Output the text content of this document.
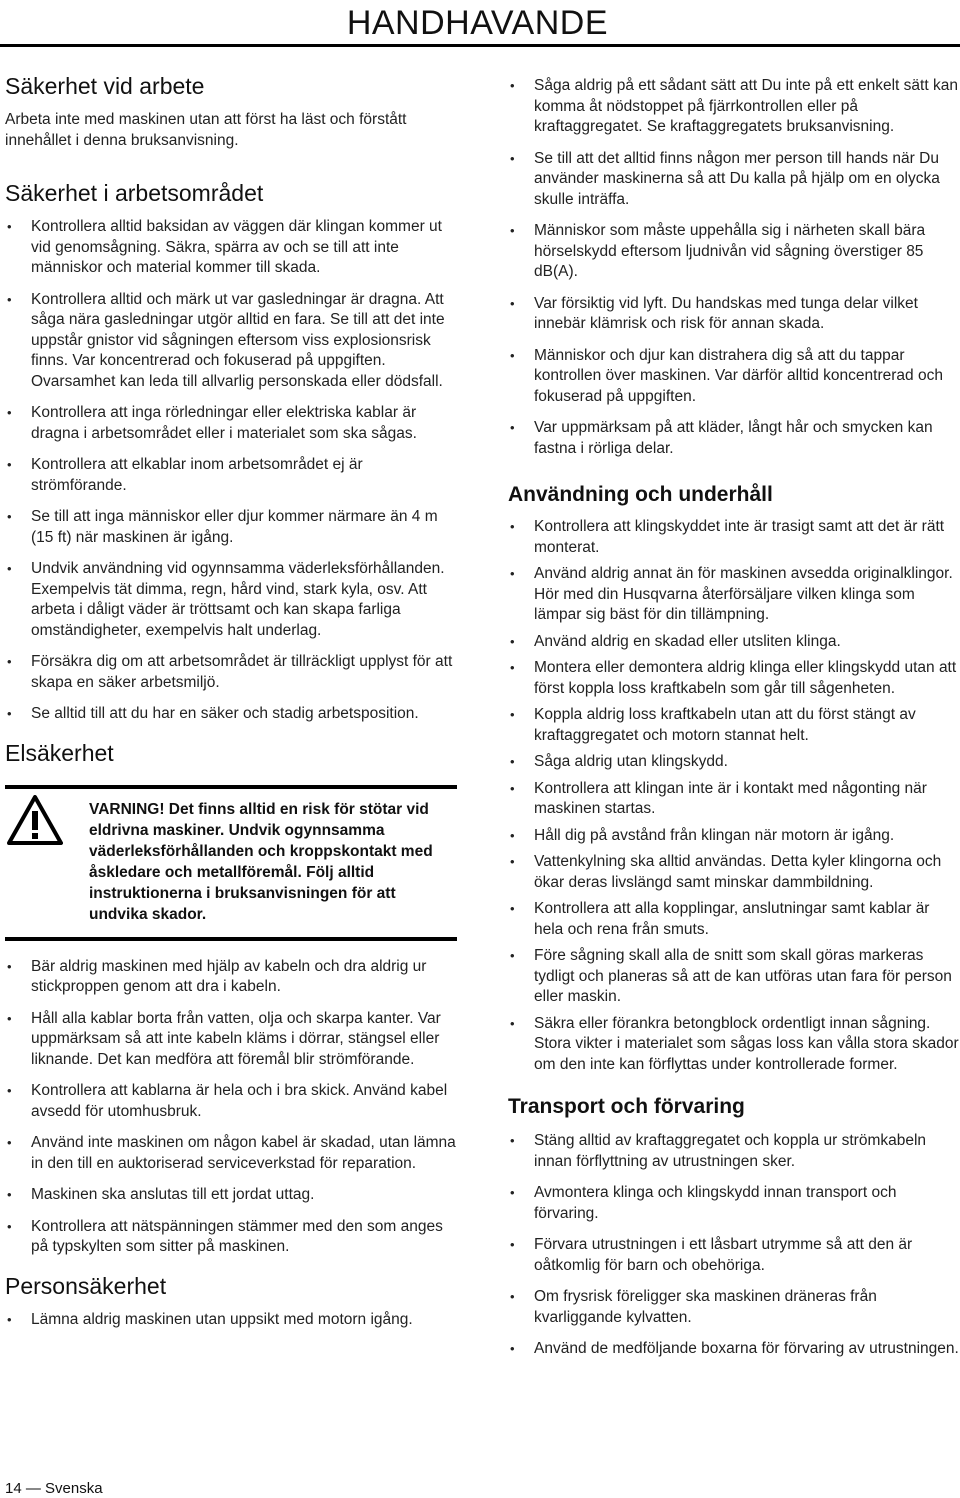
HANDHAVANDE
Säkerhet vid arbete

Arbeta inte med maskinen utan att först ha läst och förstått innehållet i denna bruksanvisning.

Säkerhet i arbetsområdet
• Kontrollera alltid baksidan av väggen där klingan kommer ut vid genomsågning. Säkra, spärra av och se till att inte människor och material kommer till skada.
• Kontrollera alltid och märk ut var gasledningar är dragna. Att såga nära gasledningar utgör alltid en fara. Se till att det inte uppstår gnistor vid sågningen eftersom viss explosionsrisk finns. Var koncentrerad och fokuserad på uppgiften. Ovarsamhet kan leda till allvarlig personskada eller dödsfall.
• Kontrollera att inga rörledningar eller elektriska kablar är dragna i arbetsområdet eller i materialet som ska sågas.
• Kontrollera att elkablar inom arbetsområdet ej är strömförande.
• Se till att inga människor eller djur kommer närmare än 4 m (15 ft) när maskinen är igång.
• Undvik användning vid ogynnsamma väderleksförhållanden. Exempelvis tät dimma, regn, hård vind, stark kyla, osv. Att arbeta i dåligt väder är tröttsamt och kan skapa farliga omständigheter, exempelvis halt underlag.
• Försäkra dig om att arbetsområdet är tillräckligt upplyst för att skapa en säker arbetsmiljö.
• Se alltid till att du har en säker och stadig arbetsposition.
Elsäkerhet
VARNING! Det finns alltid en risk för stötar vid eldrivna maskiner. Undvik ogynnsamma väderleksförhållanden och kroppskontakt med åskledare och metallföremål. Följ alltid instruktionerna i bruksanvisningen för att undvika skador.
• Bär aldrig maskinen med hjälp av kabeln och dra aldrig ur stickproppen genom att dra i kabeln.
• Håll alla kablar borta från vatten, olja och skarpa kanter. Var uppmärksam så att inte kabeln kläms i dörrar, stängsel eller liknande. Det kan medföra att föremål blir strömförande.
• Kontrollera att kablarna är hela och i bra skick. Använd kabel avsedd för utomhusbruk.
• Använd inte maskinen om någon kabel är skadad, utan lämna in den till en auktoriserad serviceverkstad för reparation.
• Maskinen ska anslutas till ett jordat uttag.
• Kontrollera att nätspänningen stämmer med den som anges på typskylten som sitter på maskinen.
Personsäkerhet
• Lämna aldrig maskinen utan uppsikt med motorn igång.
• Såga aldrig på ett sådant sätt att Du inte på ett enkelt sätt kan komma åt nödstoppet på fjärrkontrollen eller på kraftaggregatet. Se kraftaggregatets bruksanvisning.
• Se till att det alltid finns någon mer person till hands när Du använder maskinerna så att Du kalla på hjälp om en olycka skulle inträffa.
• Människor som måste uppehålla sig i närheten skall bära hörselskydd eftersom ljudnivån vid sågning överstiger 85 dB(A).
• Var försiktig vid lyft. Du handskas med tunga delar vilket innebär klämrisk och risk för annan skada.
• Människor och djur kan distrahera dig så att du tappar kontrollen över maskinen. Var därför alltid koncentrerad och fokuserad på uppgiften.
• Var uppmärksam på att kläder, långt hår och smycken kan fastna i rörliga delar.
Användning och underhåll
• Kontrollera att klingskyddet inte är trasigt samt att det är rätt monterat.
• Använd aldrig annat än för maskinen avsedda originalklingor. Hör med din Husqvarna återförsäljare vilken klinga som lämpar sig bäst för din tillämpning.
• Använd aldrig en skadad eller utsliten klinga.
• Montera eller demontera aldrig klinga eller klingskydd utan att först koppla loss kraftkabeln som går till sågenheten.
• Koppla aldrig loss kraftkabeln utan att du först stängt av kraftaggregatet och motorn stannat helt.
• Såga aldrig utan klingskydd.
• Kontrollera att klingan inte är i kontakt med någonting när maskinen startas.
• Håll dig på avstånd från klingan när motorn är igång.
• Vattenkylning ska alltid användas. Detta kyler klingorna och ökar deras livslängd samt minskar dammbildning.
• Kontrollera att alla kopplingar, anslutningar samt kablar är hela och rena från smuts.
• Före sågning skall alla de snitt som skall göras markeras tydligt och planeras så att de kan utföras utan fara för person eller maskin.
• Säkra eller förankra betongblock ordentligt innan sågning. Stora vikter i materialet som sågas loss kan vålla stora skador om den inte kan förflyttas under kontrollerade former.
Transport och förvaring
• Stäng alltid av kraftaggregatet och koppla ur strömkabeln innan förflyttning av utrustningen sker.
• Avmontera klinga och klingskydd innan transport och förvaring.
• Förvara utrustningen i ett låsbart utrymme så att den är oåtkomlig för barn och obehöriga.
• Om frysrisk föreligger ska maskinen dräneras från kvarliggande kylvatten.
• Använd de medföljande boxarna för förvaring av utrustningen.
14 — Svenska
